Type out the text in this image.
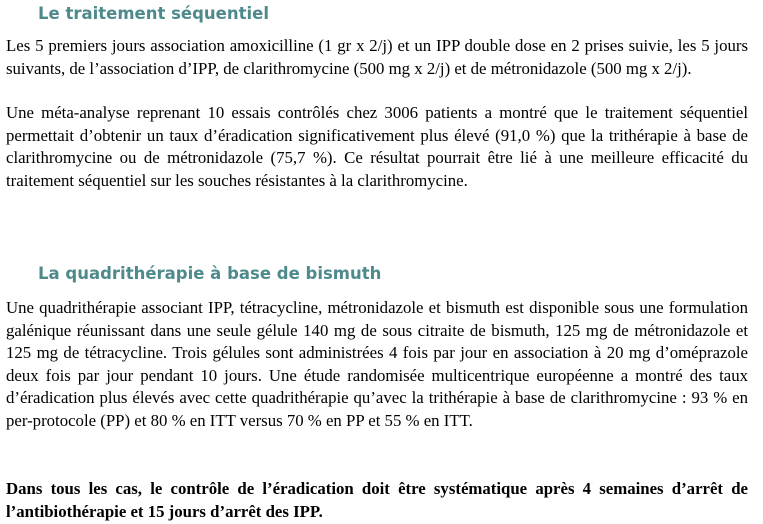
Le traitement séquentiel

Les 5 premiers jours association amoxicilline (1 gr x 2/j) et un IPP double dose en 2 prises suivie, les 5 jours suivants, de l’association d’IPP, de clarithromycine (500 mg x 2/j) et de métronidazole (500 mg x 2/j).

Une méta-analyse reprenant 10 essais contrôlés chez 3006 patients a montré que le traitement séquentiel permettait d’obtenir un taux d’éradication significativement plus élevé (91,0 %) que la trithérapie à base de clarithromycine ou de métronidazole (75,7 %). Ce résultat pourrait être lié à une meilleure efficacité du traitement séquentiel sur les souches résistantes à la clarithromycine.

La quadrithérapie à base de bismuth

Une quadrithérapie associant IPP, tétracycline, métronidazole et bismuth est disponible sous une formulation galénique réunissant dans une seule gélule 140 mg de sous citraite de bismuth, 125 mg de métronidazole et 125 mg de tétracycline. Trois gélules sont administrées 4 fois par jour en association à 20 mg d’oméprazole deux fois par jour pendant 10 jours. Une étude randomisée multicentrique européenne a montré des taux d’éradication plus élevés avec cette quadrithérapie qu’avec la trithérapie à base de clarithromycine : 93 % en per-protocole (PP) et 80 % en ITT versus 70 % en PP et 55 % en ITT.

Dans tous les cas, le contrôle de l’éradication doit être systématique après 4 semaines d’arrêt de l’antibiothérapie et 15 jours d’arrêt des IPP.
